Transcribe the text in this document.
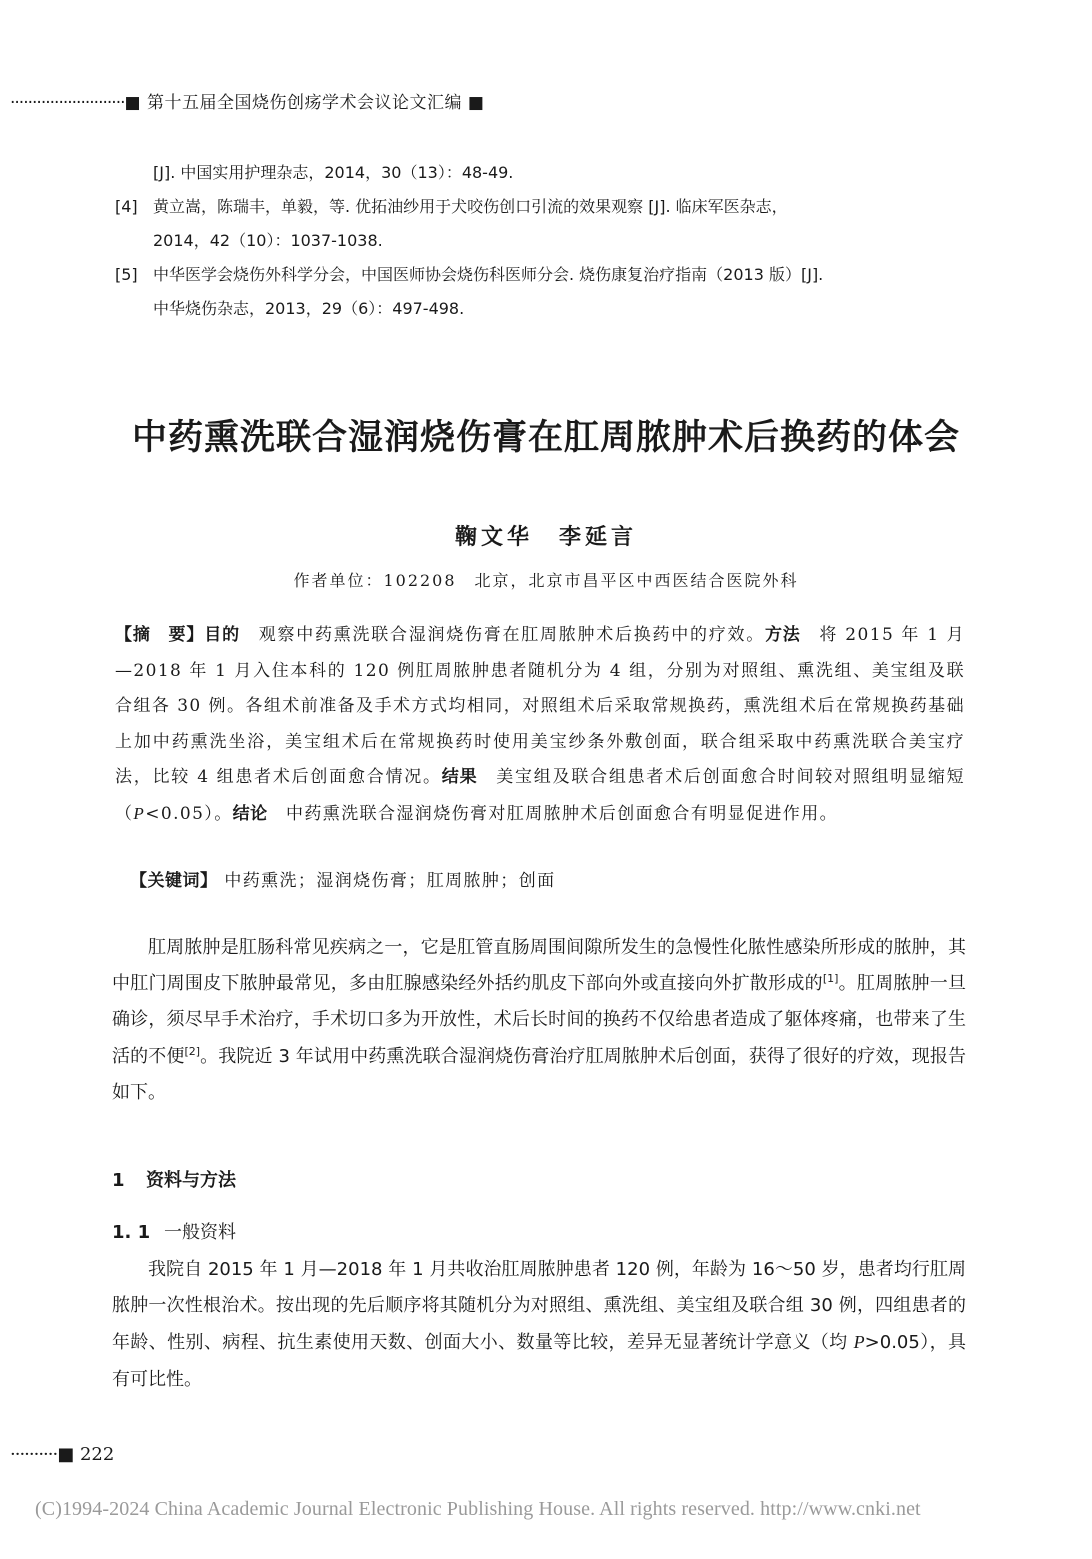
··························■ 第十五届全国烧伤创疡学术会议论文汇编 ■
[J]. 中国实用护理杂志，2014，30（13）：48-49.
[4] 黄立嵩，陈瑞丰，单毅，等. 优拓油纱用于犬咬伤创口引流的效果观察 [J]. 临床军医杂志，
2014，42（10）：1037-1038.
[5] 中华医学会烧伤外科学分会，中国医师协会烧伤科医师分会. 烧伤康复治疗指南（2013 版）[J].
中华烧伤杂志，2013，29（6）：497-498.
中药熏洗联合湿润烧伤膏在肛周脓肿术后换药的体会
鞠文华　李延言
作者单位：102208　北京，北京市昌平区中西医结合医院外科
【摘　要】目的　观察中药熏洗联合湿润烧伤膏在肛周脓肿术后换药中的疗效。方法　将 2015 年 1 月—2018 年 1 月入住本科的 120 例肛周脓肿患者随机分为 4 组，分别为对照组、熏洗组、美宝组及联合组各 30 例。各组术前准备及手术方式均相同，对照组术后采取常规换药，熏洗组术后在常规换药基础上加中药熏洗坐浴，美宝组术后在常规换药时使用美宝纱条外敷创面，联合组采取中药熏洗联合美宝疗法，比较 4 组患者术后创面愈合情况。结果　美宝组及联合组患者术后创面愈合时间较对照组明显缩短（P<0.05）。结论　中药熏洗联合湿润烧伤膏对肛周脓肿术后创面愈合有明显促进作用。
【关键词】 中药熏洗；湿润烧伤膏；肛周脓肿；创面
肛周脓肿是肛肠科常见疾病之一，它是肛管直肠周围间隙所发生的急慢性化脓性感染所形成的脓肿，其中肛门周围皮下脓肿最常见，多由肛腺感染经外括约肌皮下部向外或直接向外扩散形成的[1]。肛周脓肿一旦确诊，须尽早手术治疗，手术切口多为开放性，术后长时间的换药不仅给患者造成了躯体疼痛，也带来了生活的不便[2]。我院近 3 年试用中药熏洗联合湿润烧伤膏治疗肛周脓肿术后创面，获得了很好的疗效，现报告如下。
1 资料与方法
1. 1 一般资料
我院自 2015 年 1 月—2018 年 1 月共收治肛周脓肿患者 120 例，年龄为 16～50 岁，患者均行肛周脓肿一次性根治术。按出现的先后顺序将其随机分为对照组、熏洗组、美宝组及联合组 30 例，四组患者的年龄、性别、病程、抗生素使用天数、创面大小、数量等比较，差异无显著统计学意义（均 P>0.05），具有可比性。
··········■ 222
(C)1994-2024 China Academic Journal Electronic Publishing House. All rights reserved. http://www.cnki.net
